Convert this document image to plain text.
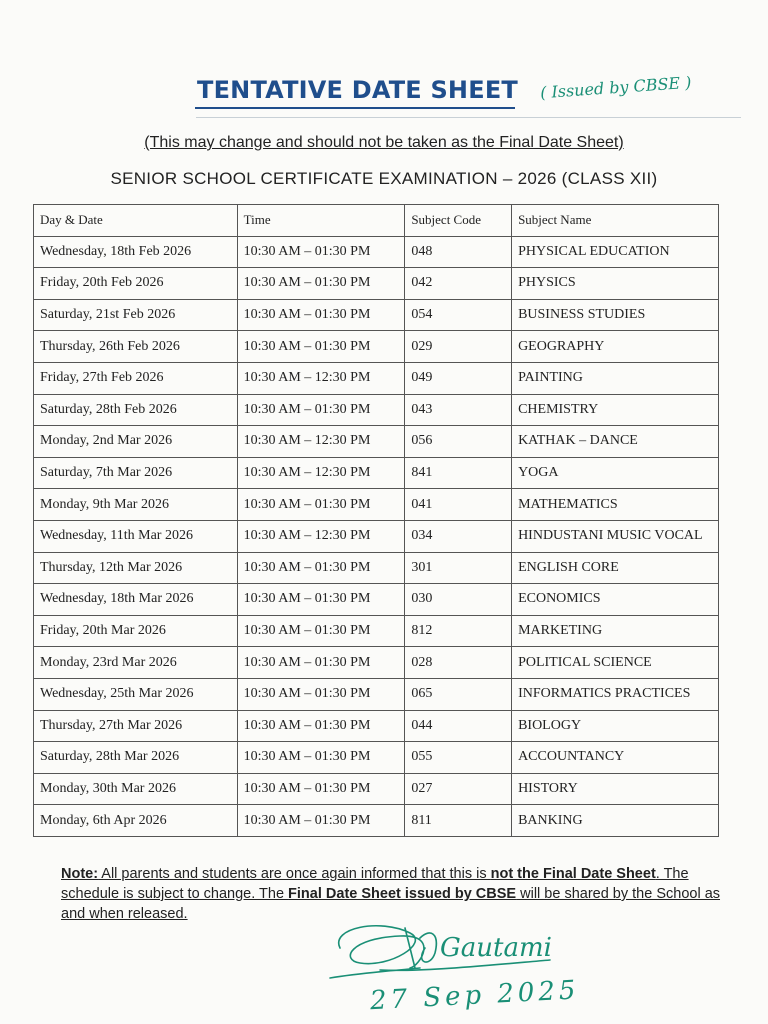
TENTATIVE DATE SHEET ( Issued by CBSE )
(This may change and should not be taken as the Final Date Sheet)
SENIOR SCHOOL CERTIFICATE EXAMINATION – 2026 (CLASS XII)
Day & Date	Time	Subject Code	Subject Name
Wednesday, 18th Feb 2026	10:30 AM – 01:30 PM	048	PHYSICAL EDUCATION
Friday, 20th Feb 2026	10:30 AM – 01:30 PM	042	PHYSICS
Saturday, 21st Feb 2026	10:30 AM – 01:30 PM	054	BUSINESS STUDIES
Thursday, 26th Feb 2026	10:30 AM – 01:30 PM	029	GEOGRAPHY
Friday, 27th Feb 2026	10:30 AM – 12:30 PM	049	PAINTING
Saturday, 28th Feb 2026	10:30 AM – 01:30 PM	043	CHEMISTRY
Monday, 2nd Mar 2026	10:30 AM – 12:30 PM	056	KATHAK – DANCE
Saturday, 7th Mar 2026	10:30 AM – 12:30 PM	841	YOGA
Monday, 9th Mar 2026	10:30 AM – 01:30 PM	041	MATHEMATICS
Wednesday, 11th Mar 2026	10:30 AM – 12:30 PM	034	HINDUSTANI MUSIC VOCAL
Thursday, 12th Mar 2026	10:30 AM – 01:30 PM	301	ENGLISH CORE
Wednesday, 18th Mar 2026	10:30 AM – 01:30 PM	030	ECONOMICS
Friday, 20th Mar 2026	10:30 AM – 01:30 PM	812	MARKETING
Monday, 23rd Mar 2026	10:30 AM – 01:30 PM	028	POLITICAL SCIENCE
Wednesday, 25th Mar 2026	10:30 AM – 01:30 PM	065	INFORMATICS PRACTICES
Thursday, 27th Mar 2026	10:30 AM – 01:30 PM	044	BIOLOGY
Saturday, 28th Mar 2026	10:30 AM – 01:30 PM	055	ACCOUNTANCY
Monday, 30th Mar 2026	10:30 AM – 01:30 PM	027	HISTORY
Monday, 6th Apr 2026	10:30 AM – 01:30 PM	811	BANKING
Note: All parents and students are once again informed that this is not the Final Date Sheet. The schedule is subject to change. The Final Date Sheet issued by CBSE will be shared by the School as and when released.
Gautami
27 Sep 2025
